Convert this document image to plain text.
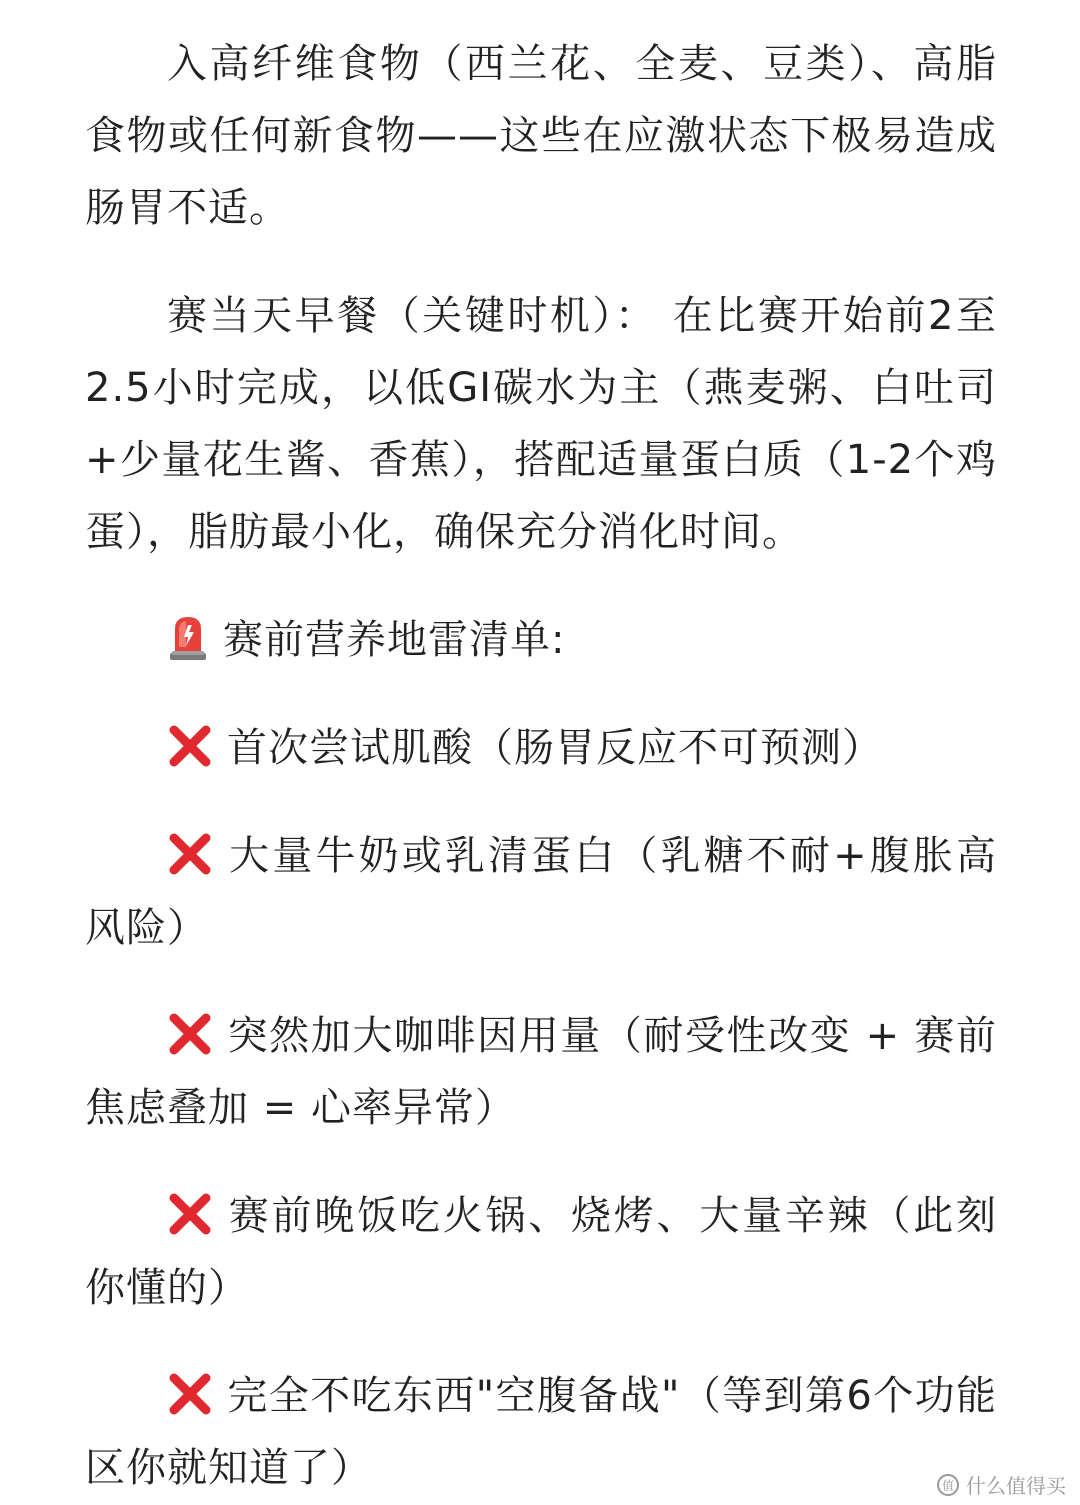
入高纤维食物（西兰花、全麦、豆类）、高脂食物或任何新食物——这些在应激状态下极易造成肠胃不适。

赛当天早餐（关键时机）： 在比赛开始前2至2.5小时完成，以低GI碳水为主（燕麦粥、白吐司+少量花生酱、香蕉），搭配适量蛋白质（1-2个鸡蛋），脂肪最小化，确保充分消化时间。

赛前营养地雷清单:

首次尝试肌酸（肠胃反应不可预测）

大量牛奶或乳清蛋白（乳糖不耐+腹胀高风险）

突然加大咖啡因用量（耐受性改变 + 赛前焦虑叠加 = 心率异常）

赛前晚饭吃火锅、烧烤、大量辛辣（此刻你懂的）

完全不吃东西"空腹备战"（等到第6个功能区你就知道了）	值 什么值得买
